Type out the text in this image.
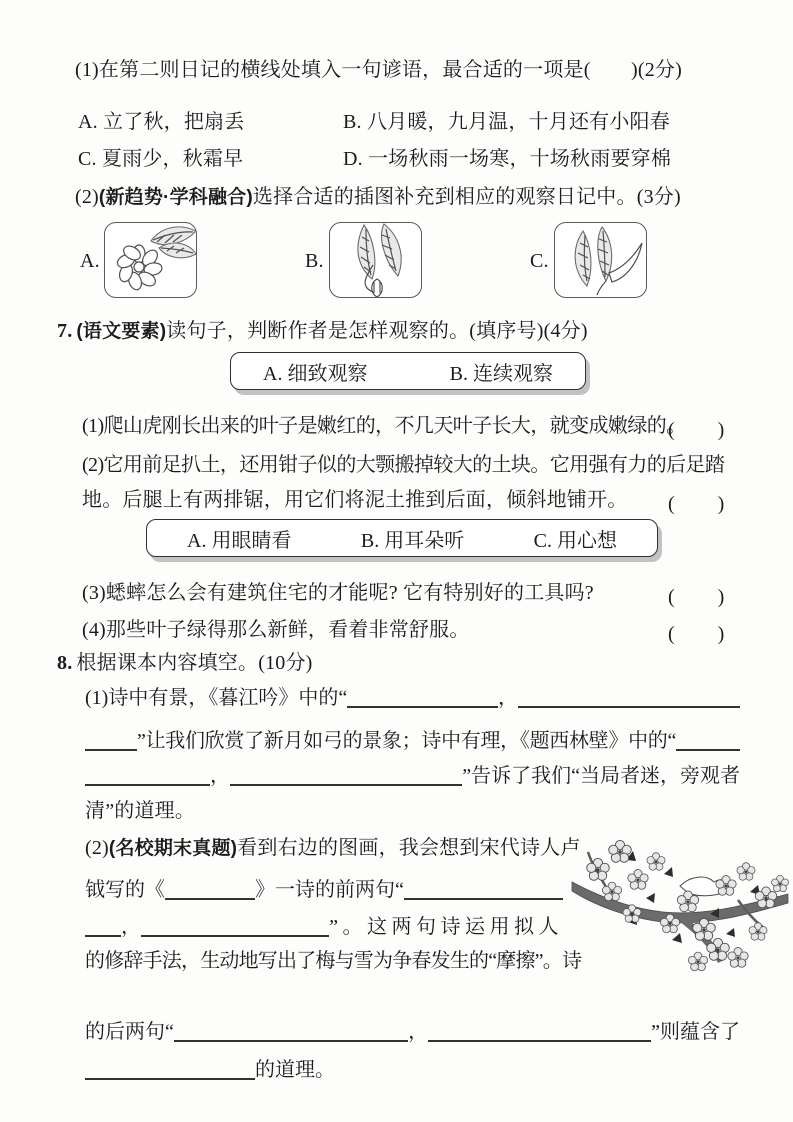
(1)在第二则日记的横线处填入一句谚语，最合适的一项是(　　)(2分)
A. 立了秋，把扇丢	B. 八月暖，九月温，十月还有小阳春
C. 夏雨少，秋霜早	D. 一场秋雨一场寒，十场秋雨要穿棉
(2)(新趋势·学科融合)选择合适的插图补充到相应的观察日记中。(3分)
A.	B.	C.
7. (语文要素)读句子，判断作者是怎样观察的。(填序号)(4分)
A. 细致观察	B. 连续观察
(1)爬山虎刚长出来的叶子是嫩红的，不几天叶子长大，就变成嫩绿的。
(　　)
(2)它用前足扒土，还用钳子似的大颚搬掉较大的土块。它用强有力的后足踏
地。后腿上有两排锯，用它们将泥土推到后面，倾斜地铺开。 (　　)
A. 用眼睛看	B. 用耳朵听	C. 用心想
(3)蟋蟀怎么会有建筑住宅的才能呢? 它有特别好的工具吗?	(　　)
(4)那些叶子绿得那么新鲜，看着非常舒服。	(　　)
8. 根据课本内容填空。(10分)
(1)诗中有景，《暮江吟》中的“	，
”让我们欣赏了新月如弓的景象；诗中有理，《题西林壁》中的“
，	”告诉了我们“当局者迷，旁观者
清”的道理。
(2)(名校期末真题)看到右边的图画，我会想到宋代诗人卢
钺写的《	》一诗的前两句“
，	”。这两句诗运用拟人
的修辞手法，生动地写出了梅与雪为争春发生的“摩擦”。诗
的后两句“	，	”则蕴含了
的道理。
